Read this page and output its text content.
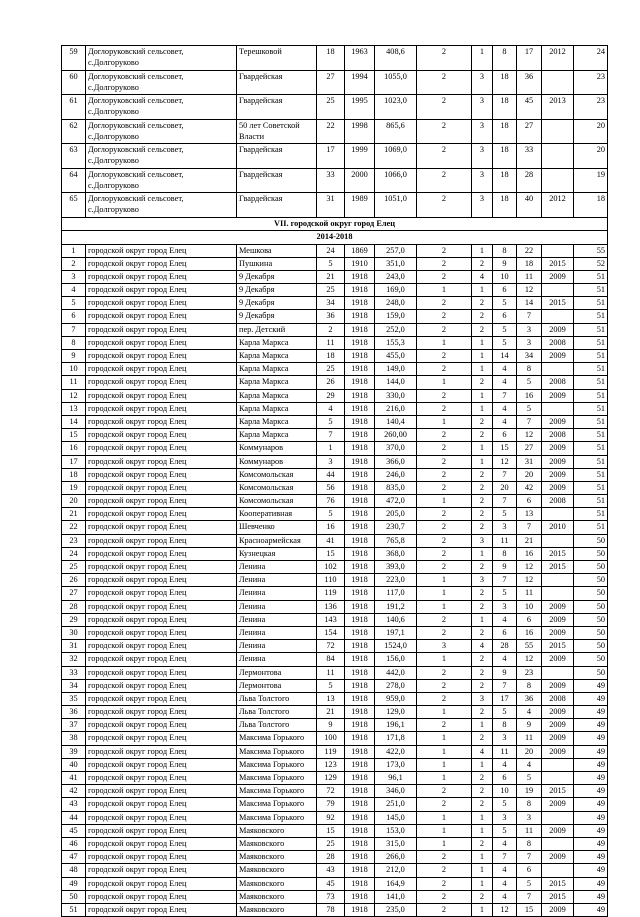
59	Доглоруковский сельсовет, с.Долгоруково	Терешковой	18	1963	408,6	2	1	8	17	2012	24
60	Доглоруковский сельсовет, с.Долгоруково	Гвардейская	27	1994	1055,0	2	3	18	36		23
61	Доглоруковский сельсовет, с.Долгоруково	Гвардейская	25	1995	1023,0	2	3	18	45	2013	23
62	Доглоруковский сельсовет, с.Долгоруково	50 лет Советской Власти	22	1998	865,6	2	3	18	27		20
63	Доглоруковский сельсовет, с.Долгоруково	Гвардейская	17	1999	1069,0	2	3	18	33		20
64	Доглоруковский сельсовет, с.Долгоруково	Гвардейская	33	2000	1066,0	2	3	18	28		19
65	Доглоруковский сельсовет, с.Долгоруково	Гвардейская	31	1989	1051,0	2	3	18	40	2012	18
VII. городской округ город Елец											
2014-2018											
1	городской округ город Елец	Мешкова	24	1869	257,0	2	1	8	22		55
2	городской округ город Елец	Пушкина	5	1910	351,0	2	2	9	18	2015	52
3	городской округ город Елец	9 Декабря	21	1918	243,0	2	4	10	11	2009	51
4	городской округ город Елец	9 Декабря	25	1918	169,0	1	1	6	12		51
5	городской округ город Елец	9 Декабря	34	1918	248,0	2	2	5	14	2015	51
6	городской округ город Елец	9 Декабря	36	1918	159,0	2	2	6	7		51
7	городской округ город Елец	пер. Детский	2	1918	252,0	2	2	5	3	2009	51
8	городской округ город Елец	Карла Маркса	11	1918	155,3	1	1	5	3	2008	51
9	городской округ город Елец	Карла Маркса	18	1918	455,0	2	1	14	34	2009	51
10	городской округ город Елец	Карла Маркса	25	1918	149,0	2	1	4	8		51
11	городской округ город Елец	Карла Маркса	26	1918	144,0	1	2	4	5	2008	51
12	городской округ город Елец	Карла Маркса	29	1918	330,0	2	1	7	16	2009	51
13	городской округ город Елец	Карла Маркса	4	1918	216,0	2	1	4	5		51
14	городской округ город Елец	Карла Маркса	5	1918	140,4	1	2	4	7	2009	51
15	городской округ город Елец	Карла Маркса	7	1918	260,00	2	2	6	12	2008	51
16	городской округ город Елец	Коммунаров	1	1918	370,0	2	1	15	27	2009	51
17	городской округ город Елец	Коммунаров	3	1918	366,0	2	1	12	31	2009	51
18	городской округ город Елец	Комсомольская	44	1918	246,0	2	2	7	20	2009	51
19	городской округ город Елец	Комсомольская	56	1918	835,0	2	2	20	42	2009	51
20	городской округ город Елец	Комсомольская	76	1918	472,0	1	2	7	6	2008	51
21	городской округ город Елец	Кооперативная	5	1918	205,0	2	2	5	13		51
22	городской округ город Елец	Шевченко	16	1918	230,7	2	2	3	7	2010	51
23	городской округ город Елец	Красноармейская	41	1918	765,8	2	3	11	21		50
24	городской округ город Елец	Кузнецкая	15	1918	368,0	2	1	8	16	2015	50
25	городской округ город Елец	Ленина	102	1918	393,0	2	2	9	12	2015	50
26	городской округ город Елец	Ленина	110	1918	223,0	1	3	7	12		50
27	городской округ город Елец	Ленина	119	1918	117,0	1	2	5	11		50
28	городской округ город Елец	Ленина	136	1918	191,2	1	2	3	10	2009	50
29	городской округ город Елец	Ленина	143	1918	140,6	2	1	4	6	2009	50
30	городской округ город Елец	Ленина	154	1918	197,1	2	2	6	16	2009	50
31	городской округ город Елец	Ленина	72	1918	1524,0	3	4	28	55	2015	50
32	городской округ город Елец	Ленина	84	1918	156,0	1	2	4	12	2009	50
33	городской округ город Елец	Лермонтова	11	1918	442,0	2	2	9	23		50
34	городской округ город Елец	Лермонтова	5	1918	278,0	2	2	7	8	2009	49
35	городской округ город Елец	Льва Толстого	13	1918	959,0	2	3	17	36	2008	49
36	городской округ город Елец	Льва Толстого	21	1918	129,0	1	2	5	4	2009	49
37	городской округ город Елец	Льва Толстого	9	1918	196,1	2	1	8	9	2009	49
38	городской округ город Елец	Максима Горького	100	1918	171,8	1	2	3	11	2009	49
39	городской округ город Елец	Максима Горького	119	1918	422,0	1	4	11	20	2009	49
40	городской округ город Елец	Максима Горького	123	1918	173,0	1	1	4	4		49
41	городской округ город Елец	Максима Горького	129	1918	96,1	1	2	6	5		49
42	городской округ город Елец	Максима Горького	72	1918	346,0	2	2	10	19	2015	49
43	городской округ город Елец	Максима Горького	79	1918	251,0	2	2	5	8	2009	49
44	городской округ город Елец	Максима Горького	92	1918	145,0	1	1	3	3		49
45	городской округ город Елец	Маяковского	15	1918	153,0	1	1	5	11	2009	49
46	городской округ город Елец	Маяковского	25	1918	315,0	1	2	4	8		49
47	городской округ город Елец	Маяковского	28	1918	266,0	2	1	7	7	2009	49
48	городской округ город Елец	Маяковского	43	1918	212,0	2	1	4	6		49
49	городской округ город Елец	Маяковского	45	1918	164,9	2	1	4	5	2015	49
50	городской округ город Елец	Маяковского	73	1918	141,0	2	2	4	7	2015	49
51	городской округ город Елец	Маяковского	78	1918	235,0	2	1	12	15	2009	49
